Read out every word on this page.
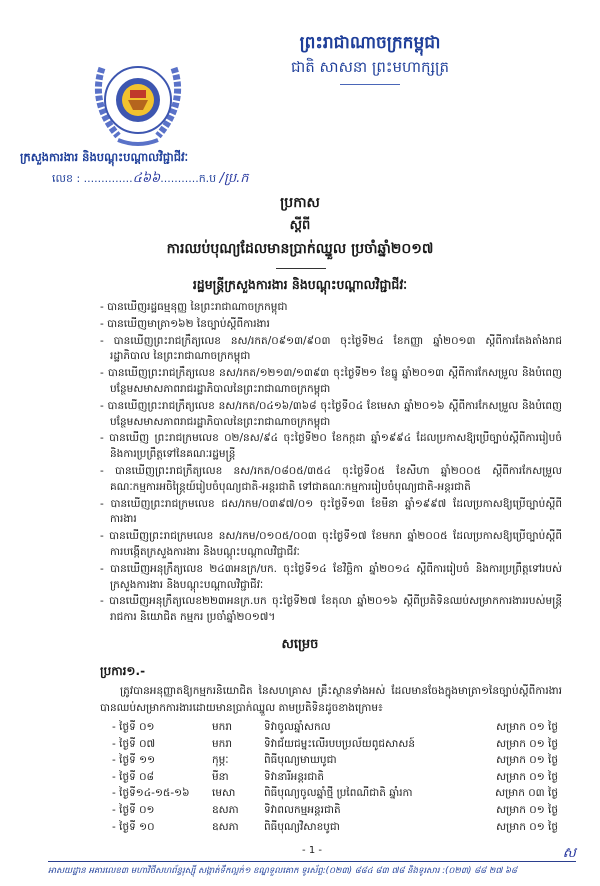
ព្រះរាជាណាចក្រកម្ពុជា
ជាតិ សាសនា ព្រះមហាក្សត្រ
ក្រសួងការងារ និងបណ្តុះបណ្តាលវិជ្ជាជីវៈ
លេខ : ..............៤៦៦...........ក.ប /ប្រ.ក
ប្រកាស
ស្តីពី
ការឈប់បុណ្យដែលមានប្រាក់ឈ្នួល ប្រចាំឆ្នាំ២០១៧
រដ្ឋមន្ត្រីក្រសួងការងារ និងបណ្តុះបណ្តាលវិជ្ជាជីវៈ
- បានឃើញរដ្ឋធម្មនុញ្ញ នៃព្រះរាជាណាចក្រកម្ពុជា
- បានឃើញមាត្រា១៦២ នៃច្បាប់ស្តីពីការងារ
- បានឃើញព្រះរាជក្រឹត្យលេខ នស/រកត/០៩១៣/៩០៣ ចុះថ្ងៃទី២៤ ខែកញ្ញា ឆ្នាំ២០១៣ ស្តីពីការតែងតាំងរាជរដ្ឋាភិបាល នៃព្រះរាជាណាចក្រកម្ពុជា
- បានឃើញព្រះរាជក្រឹត្យលេខ នស/រកត/១២១៣/១៣៩៣ ចុះថ្ងៃទី២១ ខែធ្នូ ឆ្នាំ២០១៣ ស្តីពីការកែសម្រួល និងបំពេញបន្ថែមសមាសភាពរាជរដ្ឋាភិបាលនៃព្រះរាជាណាចក្រកម្ពុជា
- បានឃើញព្រះរាជក្រឹត្យលេខ នស/រកត/០៤១៦/៣៦៨ ចុះថ្ងៃទី០៤ ខែមេសា ឆ្នាំ២០១៦ ស្តីពីការកែសម្រួល និងបំពេញបន្ថែមសមាសភាពរាជរដ្ឋាភិបាលនៃព្រះរាជាណាចក្រកម្ពុជា
- បានឃើញ ព្រះរាជក្រមលេខ ០២/នស/៩៤ ចុះថ្ងៃទី២០ ខែកក្កដា ឆ្នាំ១៩៩៤ ដែលប្រកាសឱ្យប្រើច្បាប់ស្តីពីការរៀបចំ និងការប្រព្រឹត្តទៅនៃគណៈរដ្ឋមន្ត្រី
- បានឃើញព្រះរាជក្រឹត្យលេខ នស/រកត/០៨០៥/៣៥៤ ចុះថ្ងៃទី០៥ ខែសីហា ឆ្នាំ២០០៥ ស្តីពីការកែសម្រួលគណៈកម្មការអចិន្ត្រៃយ៍រៀបចំបុណ្យជាតិ-អន្តរជាតិ ទៅជាគណៈកម្មការរៀបចំបុណ្យជាតិ-អន្តរជាតិ
- បានឃើញព្រះរាជក្រមលេខ ជស/រកម/០៣៩៧/០១ ចុះថ្ងៃទី១៣ ខែមីនា ឆ្នាំ១៩៩៧ ដែលប្រកាសឱ្យប្រើច្បាប់ស្តីពីការងារ
- បានឃើញព្រះរាជក្រមលេខ នស/រកម/០១០៥/០០៣ ចុះថ្ងៃទី១៧ ខែមករា ឆ្នាំ២០០៥ ដែលប្រកាសឱ្យប្រើច្បាប់ស្តីពីការបង្កើតក្រសួងការងារ និងបណ្តុះបណ្តាលវិជ្ជាជីវៈ
- បានឃើញអនុក្រឹត្យលេខ ២៤៣អនក្រ/បក. ចុះថ្ងៃទី១៤ ខែវិច្ឆិកា ឆ្នាំ២០១៤ ស្តីពីការរៀបចំ និងការប្រព្រឹត្តទៅរបស់ក្រសួងការងារ និងបណ្តុះបណ្តាលវិជ្ជាជីវៈ
- បានឃើញអនុក្រឹត្យលេខ២២៣អនក្រ.បក ចុះថ្ងៃទី២៧ ខែតុលា ឆ្នាំ២០១៦ ស្តីពីប្រតិទិនឈប់សម្រាកការងាររបស់មន្ត្រីរាជការ និយោជិត កម្មករ ប្រចាំឆ្នាំ២០១៧។
សម្រេច
ប្រការ១.-
ត្រូវបានអនុញ្ញាតឱ្យកម្មករនិយោជិត នៃសហគ្រាស គ្រឹះស្ថានទាំងអស់ ដែលមានចែងក្នុងមាត្រា១នៃច្បាប់ស្តីពីការងារ បានឈប់សម្រាកការងារដោយមានប្រាក់ឈ្នួល តាមប្រតិទិនដូចខាងក្រោម៖
- ថ្ងៃទី ០១	មករា	ទិវាចូលឆ្នាំសកល	សម្រាក ០១ ថ្ងៃ
- ថ្ងៃទី ០៧	មករា	ទិវាជ័យជម្នះលើរបបប្រល័យពូជសាសន៍	សម្រាក ០១ ថ្ងៃ
- ថ្ងៃទី ១១	កុម្ភៈ	ពិធីបុណ្យមាឃបូជា	សម្រាក ០១ ថ្ងៃ
- ថ្ងៃទី ០៨	មីនា	ទិវានារីអន្តរជាតិ	សម្រាក ០១ ថ្ងៃ
- ថ្ងៃទី១៤-១៥-១៦	មេសា	ពិធីបុណ្យចូលឆ្នាំថ្មី ប្រពៃណីជាតិ ឆ្នាំរកា	សម្រាក ០៣ ថ្ងៃ
- ថ្ងៃទី ០១	ឧសភា	ទិវាពលកម្មអន្តរជាតិ	សម្រាក ០១ ថ្ងៃ
- ថ្ងៃទី ១០	ឧសភា	ពិធីបុណ្យវិសាខបូជា	សម្រាក ០១ ថ្ងៃ
- 1 -	ស
អាសយដ្ឋាន អគារលេខ៣ មហាវិថីសហព័ន្ធរុស្ស៊ី សង្កាត់ទឹកល្អក់១ ខណ្ឌទួលគោក ទូរស័ព្ទ:(០២៣) ៨៨៤ ៨៣ ៧៨ និងទូរសារ :(០២៣) ៨៨ ២៧ ៦៨
